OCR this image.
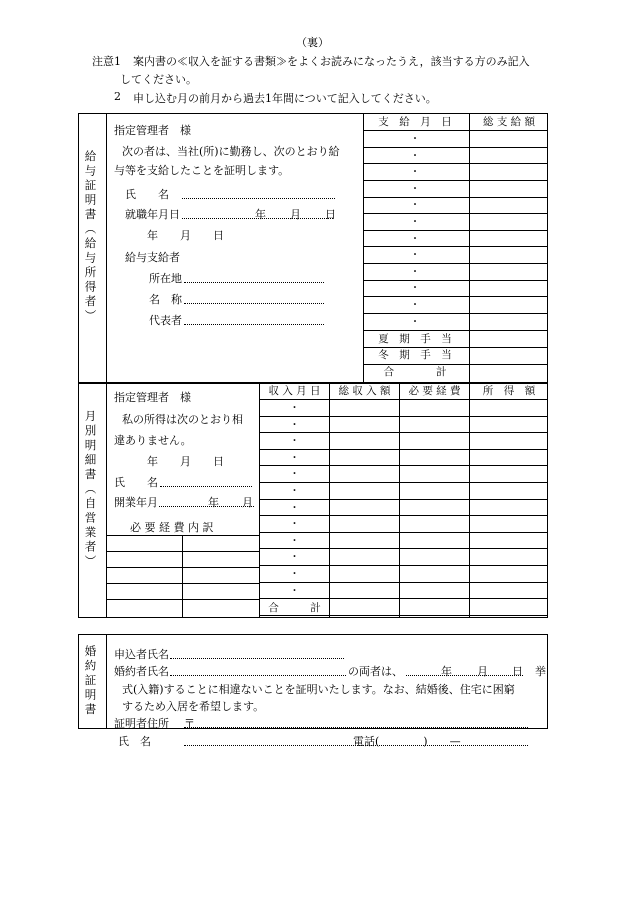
（裏）
注意1 案内書の≪収入を証する書類≫をよくお読みになったうえ，該当する方のみ記入
してください。
2 申し込む月の前月から過去1年間について記入してください。
給与証明書（給与所得者）
指定管理者　様
次の者は、当社(所)に勤務し、次のとおり給
与等を支給したことを証明します。
氏　　名
就職年月日	年 月 日
年　　月　　日
給与支給者
所在地
名　称
代表者
支　給　月　日	総 支 給 額
・
・
・
・
・
・
・
・
・
・
・
・
夏　期　手　当
冬　期　手　当
合　　　　計
月別明細書（自営業者）
指定管理者　様
私の所得は次のとおり相
違ありません。
年　　月　　日
氏　　名
開業年月	年 月
必 要 経 費 内 訳
収 入 月 日	総 収 入 額	必 要 経 費	所　得　額
・
・
・
・
・
・
・
・
・
・
・
・
合　　　計
婚約証明書 申込者氏名
婚約者氏名	の両者は、	年 月 日 挙
式(入籍)することに相違ないことを証明いたします。なお、結婚後、住宅に困窮
するため入居を希望します。
証明者住所 〒
氏　名	電話(　　　　)　　—
